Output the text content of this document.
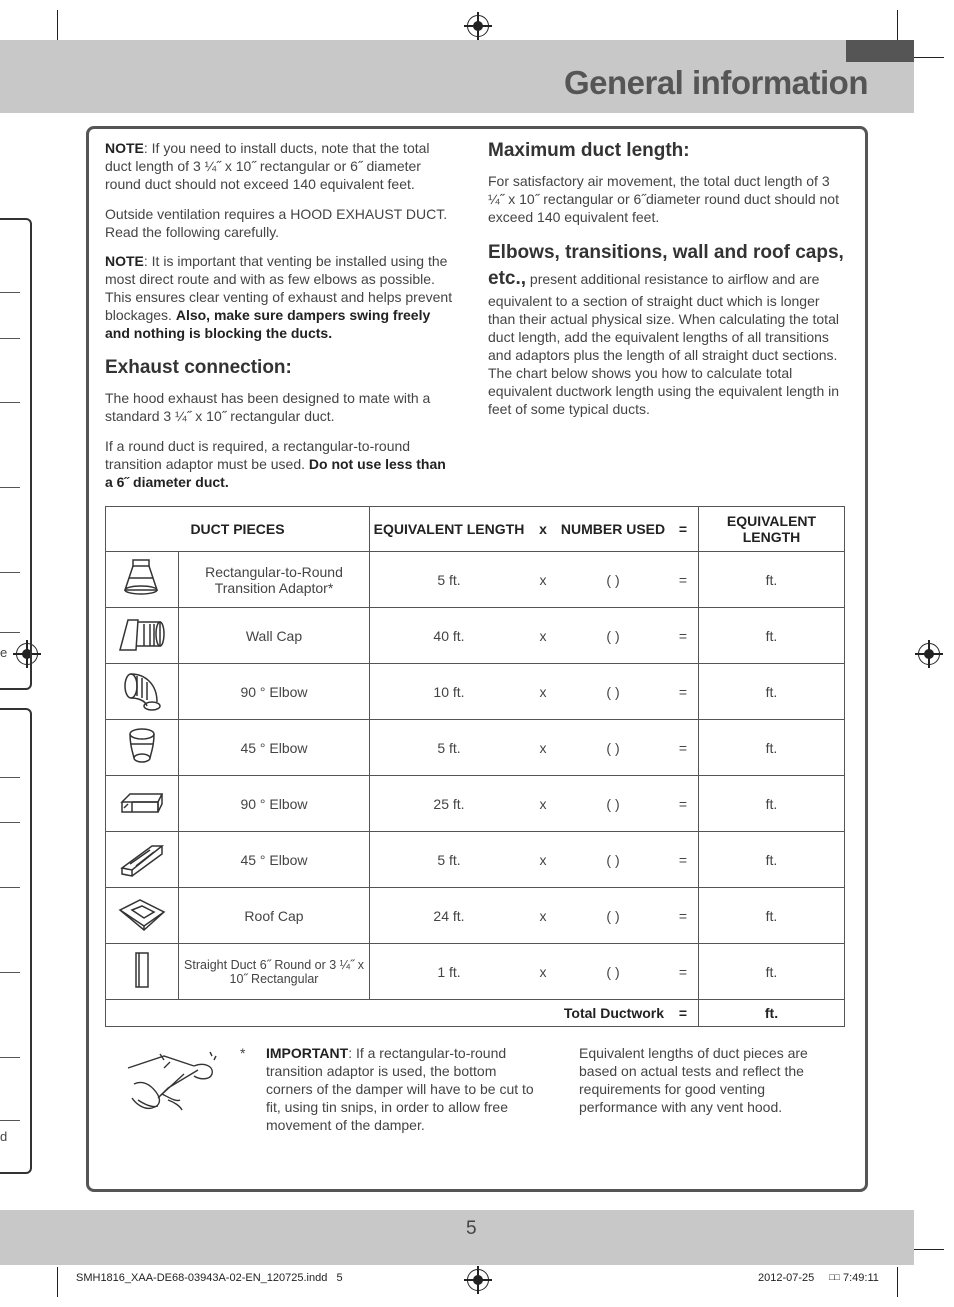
General information
e
d
NOTE: If you need to install ducts, note that the total duct length of 3 ¼˝ x 10˝ rectangular or 6˝ diameter round duct should not exceed 140 equivalent feet.
Outside ventilation requires a HOOD EXHAUST DUCT. Read the following carefully.
NOTE: It is important that venting be installed using the most direct route and with as few elbows as possible. This ensures clear venting of exhaust and helps prevent blockages. Also, make sure dampers swing freely and nothing is blocking the ducts.
Exhaust connection:
The hood exhaust has been designed to mate with a standard 3 ¼˝ x 10˝ rectangular duct.
If a round duct is required, a rectangular-to-round transition adaptor must be used. Do not use less than a 6˝ diameter duct.
Maximum duct length:
For satisfactory air movement, the total duct length of 3 ¼˝ x 10˝ rectangular or 6˝diameter round duct should not exceed 140 equivalent feet.
Elbows, transitions, wall and roof caps, etc., present additional resistance to airflow and are equivalent to a section of straight duct which is longer than their actual physical size. When calculating the total duct length, add the equivalent lengths of all transitions and adaptors plus the length of all straight duct sections. The chart below shows you how to calculate total equivalent ductwork length using the equivalent length in feet of some typical ducts.
DUCT PIECES		EQUIVALENT LENGTH x NUMBER USED =	EQUIVALENT LENGTH
	Rectangular-to-Round Transition Adaptor*	5 ft. x ( ) =	ft.
	Wall Cap	40 ft. x ( ) =	ft.
	90 ° Elbow	10 ft. x ( ) =	ft.
	45 ° Elbow	5 ft. x ( ) =	ft.
	90 ° Elbow	25 ft. x ( ) =	ft.
	45 ° Elbow	5 ft. x ( ) =	ft.
	Roof Cap	24 ft. x ( ) =	ft.
	Straight Duct 6˝ Round or 3 ¼˝ x 10˝ Rectangular	1 ft. x ( ) =	ft.

Total Ductwork =			ft.
* IMPORTANT: If a rectangular-to-round transition adaptor is used, the bottom corners of the damper will have to be cut to fit, using tin snips, in order to allow free movement of the damper.
Equivalent lengths of duct pieces are based on actual tests and reflect the requirements for good venting performance with any vent hood.
5
SMH1816_XAA-DE68-03943A-02-EN_120725.indd   5	2012-07-25 □□ 7:49:11
